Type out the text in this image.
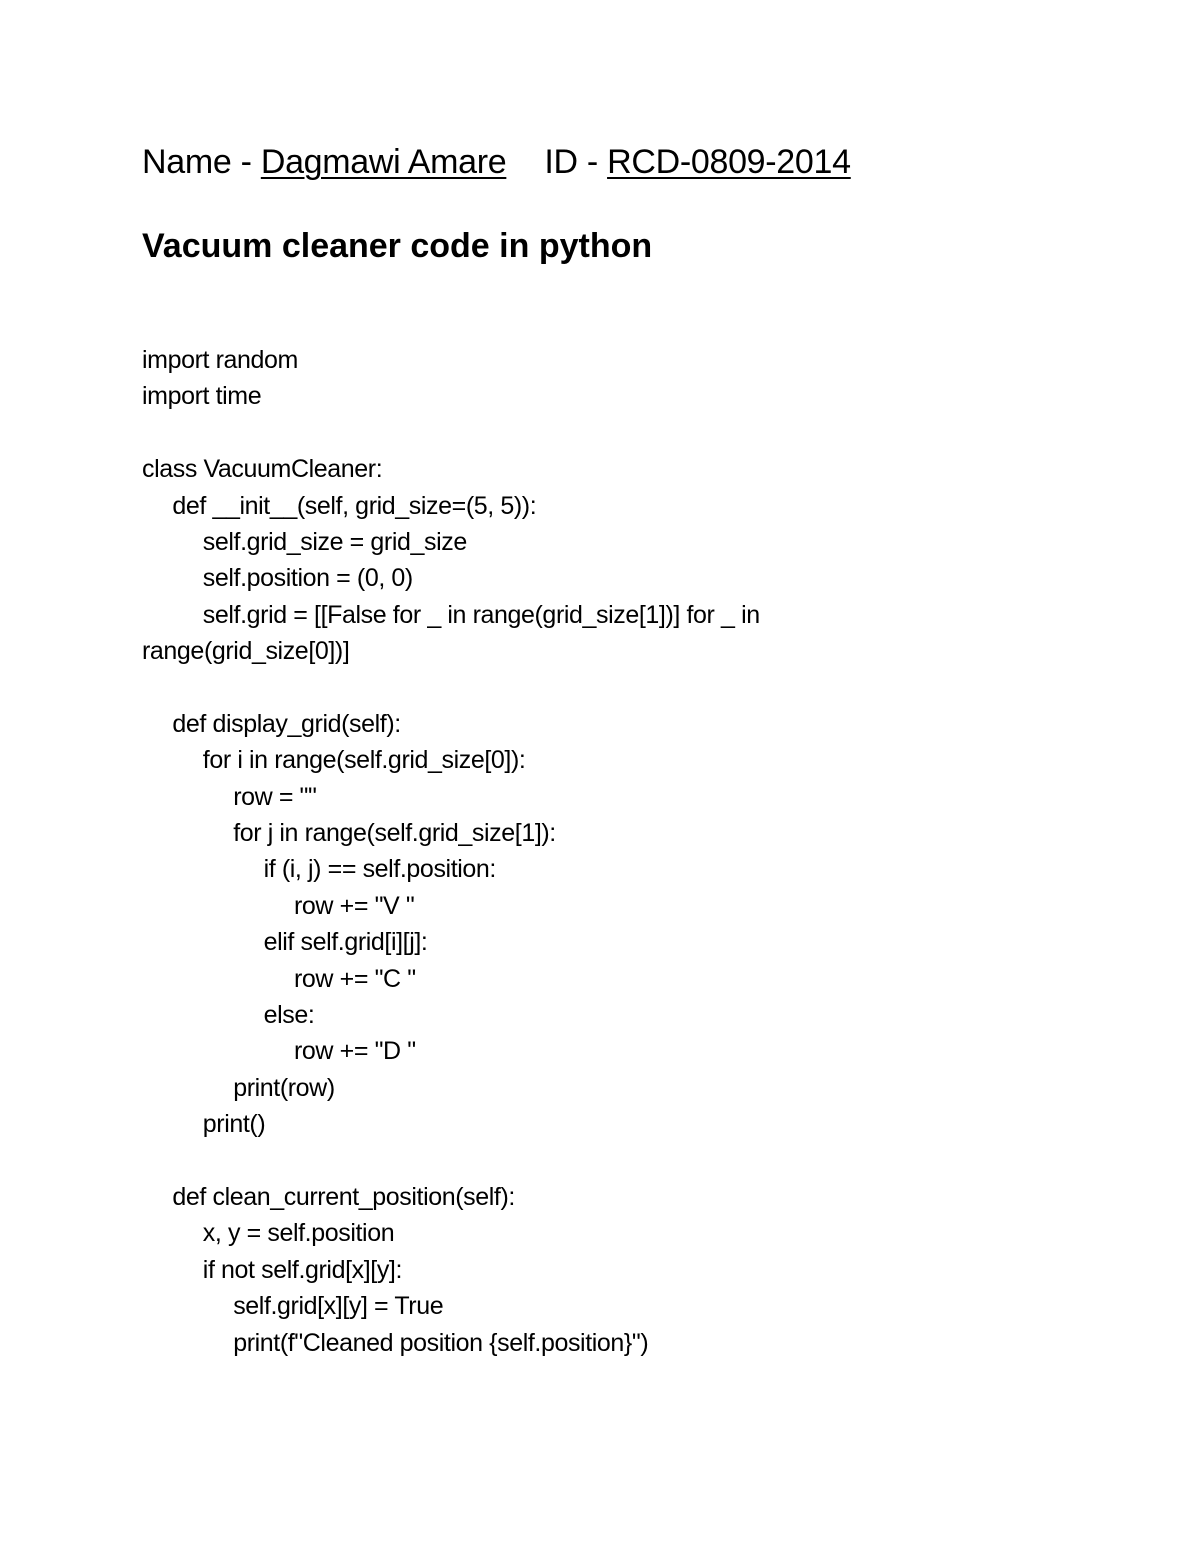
Name - Dagmawi Amare ID - RCD-0809-2014
Vacuum cleaner code in python
import random
import time
class VacuumCleaner:
def __init__(self, grid_size=(5, 5)):
self.grid_size = grid_size
self.position = (0, 0)
self.grid = [[False for _ in range(grid_size[1])] for _ in
range(grid_size[0])]
def display_grid(self):
for i in range(self.grid_size[0]):
row = ""
for j in range(self.grid_size[1]):
if (i, j) == self.position:
row += "V "
elif self.grid[i][j]:
row += "C "
else:
row += "D "
print(row)
print()
def clean_current_position(self):
x, y = self.position
if not self.grid[x][y]:
self.grid[x][y] = True
print(f"Cleaned position {self.position}")
